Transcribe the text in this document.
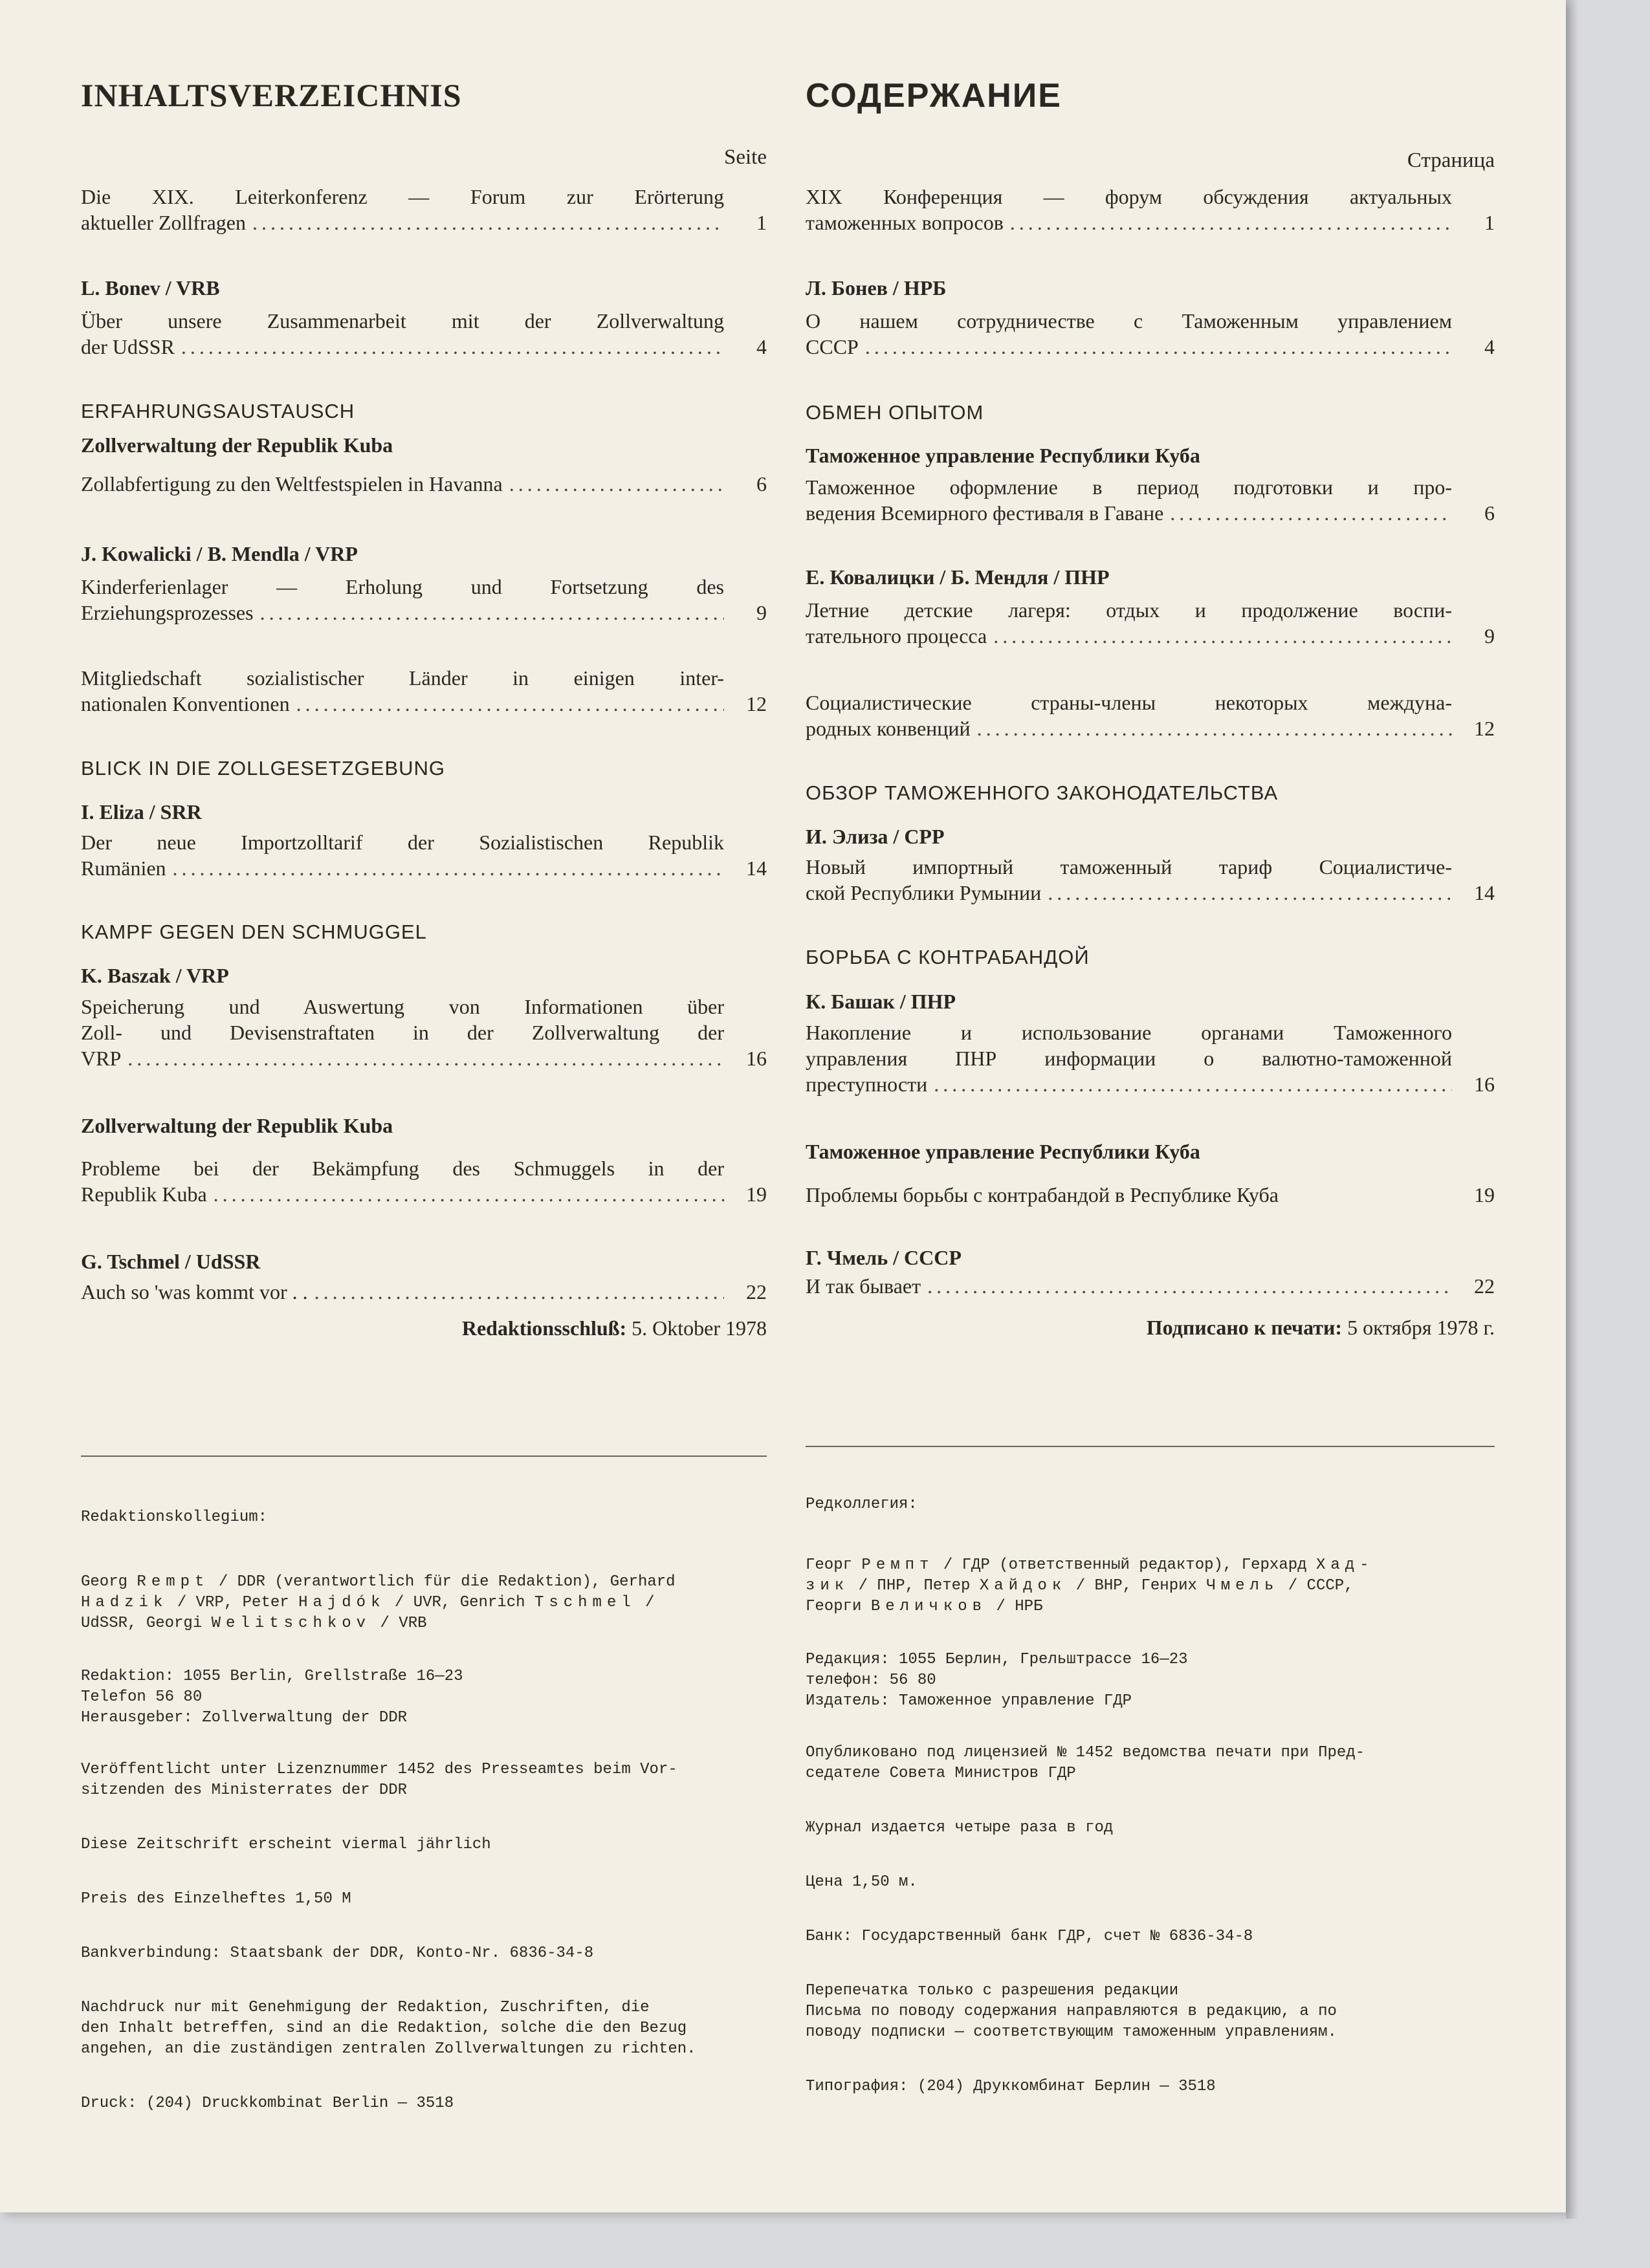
INHALTSVERZEICHNIS
Seite
Die XIX. Leiterkonferenz — Forum zur Erörterung
aktueller Zollfragen .....	1
L. Bonev / VRB
Über unsere Zusammenarbeit mit der Zollverwaltung
der UdSSR .....	4
ERFAHRUNGSAUSTAUSCH
Zollverwaltung der Republik Kuba
Zollabfertigung zu den Weltfestspielen in Havanna .....	6
J. Kowalicki / B. Mendla / VRP
Kinderferienlager — Erholung und Fortsetzung des
Erziehungsprozesses .....	9
Mitgliedschaft sozialistischer Länder in einigen inter-
nationalen Konventionen .....	12
BLICK IN DIE ZOLLGESETZGEBUNG
I. Eliza / SRR
Der neue Importzolltarif der Sozialistischen Republik
Rumänien .....	14
KAMPF GEGEN DEN SCHMUGGEL
K. Baszak / VRP
Speicherung und Auswertung von Informationen über
Zoll- und Devisenstraftaten in der Zollverwaltung der
VRP .....	16
Zollverwaltung der Republik Kuba
Probleme bei der Bekämpfung des Schmuggels in der
Republik Kuba .....	19
G. Tschmel / UdSSR
Auch so 'was kommt vor . . .....	22
Redaktionsschluß: 5. Oktober 1978
Redaktionskollegium:
Georg Rempt / DDR (verantwortlich für die Redaktion), Gerhard
Hadzik / VRP, Peter Hajdók / UVR, Genrich Tschmel /
UdSSR, Georgi Welitschkov / VRB
Redaktion: 1055 Berlin, Grellstraße 16—23
Telefon 56 80
Herausgeber: Zollverwaltung der DDR
Veröffentlicht unter Lizenznummer 1452 des Presseamtes beim Vor-
sitzenden des Ministerrates der DDR
Diese Zeitschrift erscheint viermal jährlich
Preis des Einzelheftes 1,50 M
Bankverbindung: Staatsbank der DDR, Konto-Nr. 6836-34-8
Nachdruck nur mit Genehmigung der Redaktion, Zuschriften, die
den Inhalt betreffen, sind an die Redaktion, solche die den Bezug
angehen, an die zuständigen zentralen Zollverwaltungen zu richten.
Druck: (204) Druckkombinat Berlin — 3518
СОДЕРЖАНИЕ
Страница
XIX Конференция — форум обсуждения актуальных
таможенных вопросов .....	1
Л. Бонев / НРБ
О нашем сотрудничестве с Таможенным управлением
СССР .....	4
ОБМЕН ОПЫТОМ
Таможенное управление Республики Куба
Таможенное оформление в период подготовки и про-
ведения Всемирного фестиваля в Гаване .....	6
Е. Ковалицки / Б. Мендля / ПНР
Летние детские лагеря: отдых и продолжение воспи-
тательного процесса .....	9
Социалистические страны-члены некоторых междуна-
родных конвенций .....	12
ОБЗОР ТАМОЖЕННОГО ЗАКОНОДАТЕЛЬСТВА
И. Элиза / СРР
Новый импортный таможенный тариф Социалистиче-
ской Республики Румынии .....	14
БОРЬБА С КОНТРАБАНДОЙ
К. Башак / ПНР
Накопление и использование органами Таможенного
управления ПНР информации о валютно-таможенной
преступности .....	16
Таможенное управление Республики Куба
Проблемы борьбы с контрабандой в Республике Куба	19
Г. Чмель / СССР
И так бывает .....	22
Подписано к печати: 5 октября 1978 г.
Редколлегия:
Георг Ремпт / ГДР (ответственный редактор), Герхард Хад-
зик / ПНР, Петер Хайдок / ВНР, Генрих Чмель / СССР,
Георги Величков / НРБ
Редакция: 1055 Берлин, Грельштрассе 16—23
телефон: 56 80
Издатель: Таможенное управление ГДР
Опубликовано под лицензией № 1452 ведомства печати при Пред-
седателе Совета Министров ГДР
Журнал издается четыре раза в год
Цена 1,50 м.
Банк: Государственный банк ГДР, счет № 6836-34-8
Перепечатка только с разрешения редакции
Письма по поводу содержания направляются в редакцию, а по
поводу подписки — соответствующим таможенным управлениям.
Типография: (204) Друккомбинат Берлин — 3518
